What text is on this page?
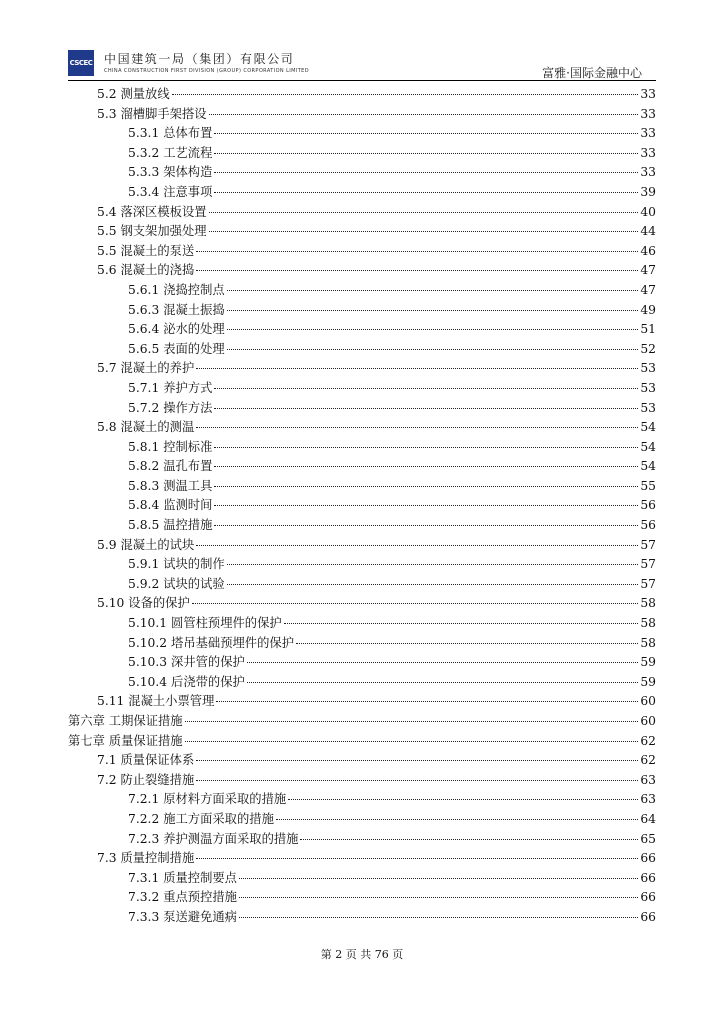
CSCEC 中国建筑一局（集团）有限公司
CHINA CONSTRUCTION FIRST DIVISION (GROUP) CORPORATION LIMITED	富雅·国际金融中心
5.2 测量放线	33
5.3 溜槽脚手架搭设	33
5.3.1 总体布置	33
5.3.2 工艺流程	33
5.3.3 架体构造	33
5.3.4 注意事项	39
5.4 落深区模板设置	40
5.5 钢支架加强处理	44
5.5 混凝土的泵送	46
5.6 混凝土的浇捣	47
5.6.1 浇捣控制点	47
5.6.3 混凝土振捣	49
5.6.4 泌水的处理	51
5.6.5 表面的处理	52
5.7 混凝土的养护	53
5.7.1 养护方式	53
5.7.2 操作方法	53
5.8 混凝土的测温	54
5.8.1 控制标准	54
5.8.2 温孔布置	54
5.8.3 测温工具	55
5.8.4 监测时间	56
5.8.5 温控措施	56
5.9 混凝土的试块	57
5.9.1 试块的制作	57
5.9.2 试块的试验	57
5.10 设备的保护	58
5.10.1 圆管柱预埋件的保护	58
5.10.2 塔吊基础预埋件的保护	58
5.10.3 深井管的保护	59
5.10.4 后浇带的保护	59
5.11 混凝土小票管理	60
第六章 工期保证措施	60
第七章 质量保证措施	62
7.1 质量保证体系	62
7.2 防止裂缝措施	63
7.2.1 原材料方面采取的措施	63
7.2.2 施工方面采取的措施	64
7.2.3 养护测温方面采取的措施	65
7.3 质量控制措施	66
7.3.1 质量控制要点	66
7.3.2 重点预控措施	66
7.3.3 泵送避免通病	66
第 2 页 共 76 页
